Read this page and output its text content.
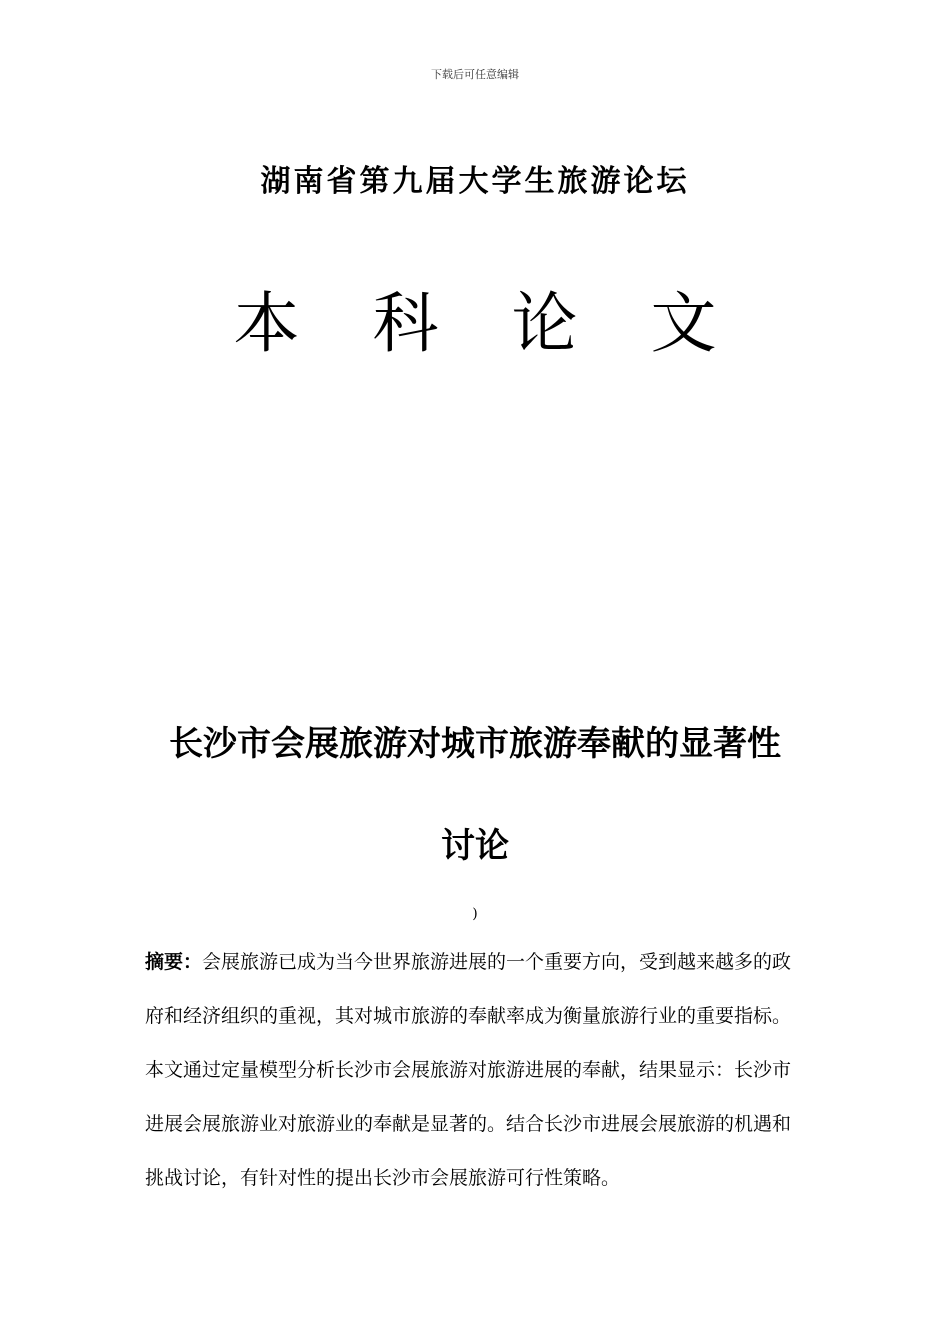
下载后可任意编辑
湖南省第九届大学生旅游论坛
本 科 论 文
长沙市会展旅游对城市旅游奉献的显著性
讨论
)
摘要：会展旅游已成为当今世界旅游进展的一个重要方向，受到越来越多的政
府和经济组织的重视，其对城市旅游的奉献率成为衡量旅游行业的重要指标。
本文通过定量模型分析长沙市会展旅游对旅游进展的奉献，结果显示：长沙市
进展会展旅游业对旅游业的奉献是显著的。结合长沙市进展会展旅游的机遇和
挑战讨论，有针对性的提出长沙市会展旅游可行性策略。
